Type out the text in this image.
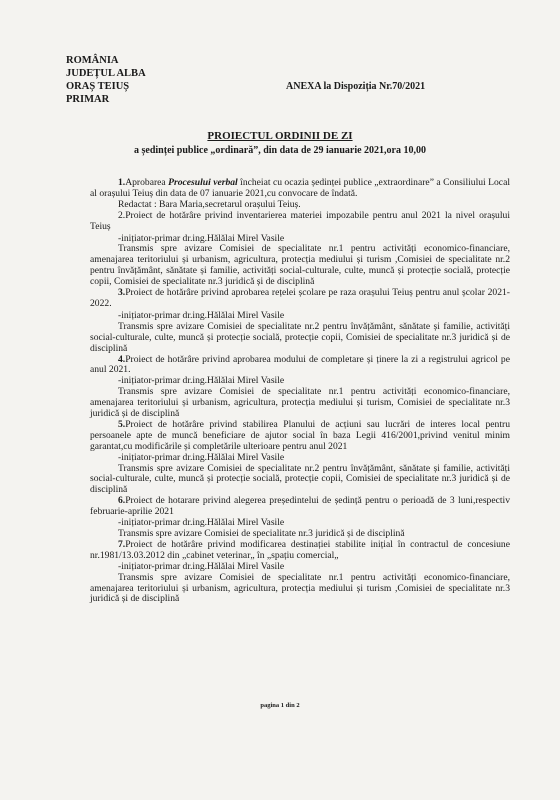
ROMÂNIA
JUDEȚUL ALBA
ORAȘ TEIUȘ
PRIMAR
ANEXA la Dispoziția Nr.70/2021
PROIECTUL ORDINII DE ZI
a ședinței publice „ordinară”, din data de 29 ianuarie 2021,ora 10,00

1.Aprobarea Procesului verbal încheiat cu ocazia ședinței publice „extraordinare” a Consiliului Local al orașului Teiuș din data de 07 ianuarie 2021,cu convocare de îndată.

Redactat : Bara Maria,secretarul orașului Teiuș.

2.Proiect de hotărâre privind inventarierea materiei impozabile pentru anul 2021 la nivel orașului Teiuș

-inițiator-primar dr.ing.Hălălai Mirel Vasile

Transmis spre avizare Comisiei de specialitate nr.1 pentru activități economico-financiare, amenajarea teritoriului și urbanism, agricultura, protecția mediului și turism ,Comisiei de specialitate nr.2 pentru învățământ, sănătate și familie, activități social-culturale, culte, muncă și protecție socială, protecție copii, Comisiei de specialitate nr.3 juridică și de disciplină

3.Proiect de hotărâre privind aprobarea rețelei școlare pe raza orașului Teiuș pentru anul școlar 2021-2022.

-inițiator-primar dr.ing.Hălălai Mirel Vasile

Transmis spre avizare Comisiei de specialitate nr.2 pentru învățământ, sănătate și familie, activități social-culturale, culte, muncă și protecție socială, protecție copii, Comisiei de specialitate nr.3 juridică și de disciplină

4.Proiect de hotărâre privind aprobarea modului de completare și ținere la zi a registrului agricol pe anul 2021.

-inițiator-primar dr.ing.Hălălai Mirel Vasile

Transmis spre avizare Comisiei de specialitate nr.1 pentru activități economico-financiare, amenajarea teritoriului și urbanism, agricultura, protecția mediului și turism, Comisiei de specialitate nr.3 juridică și de disciplină

5.Proiect de hotărâre privind stabilirea Planului de acțiuni sau lucrări de interes local pentru persoanele apte de muncă beneficiare de ajutor social în baza Legii 416/2001,privind venitul minim garantat,cu modificările și completările ulterioare pentru anul 2021

-inițiator-primar dr.ing.Hălălai Mirel Vasile

Transmis spre avizare Comisiei de specialitate nr.2 pentru învățământ, sănătate și familie, activități social-culturale, culte, muncă și protecție socială, protecție copii, Comisiei de specialitate nr.3 juridică și de disciplină

6.Proiect de hotarare privind alegerea președintelui de ședință pentru o perioadă de 3 luni,respectiv februarie-aprilie 2021

-inițiator-primar dr.ing.Hălălai Mirel Vasile

Transmis spre avizare Comisiei de specialitate nr.3 juridică și de disciplină

7.Proiect de hotărâre privind modificarea destinației stabilite inițial în contractul de concesiune nr.1981/13.03.2012 din „cabinet veterinar„ în „spațiu comercial„

-inițiator-primar dr.ing.Hălălai Mirel Vasile

Transmis spre avizare Comisiei de specialitate nr.1 pentru activități economico-financiare, amenajarea teritoriului și urbanism, agricultura, protecția mediului și turism ,Comisiei de specialitate nr.3 juridică și de disciplină

pagina 1 din 2
